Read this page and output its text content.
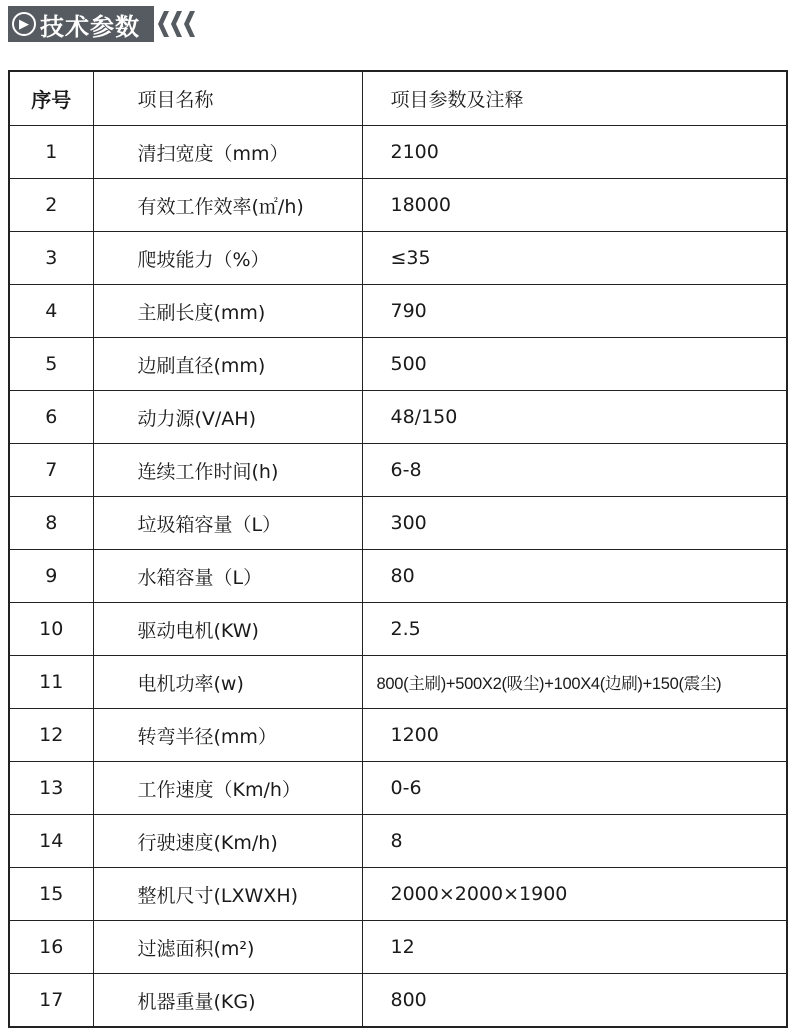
▶ 技术参数
序号	项目名称	项目参数及注释
1	清扫宽度（mm）	2100
2	有效工作效率(㎡/h)	18000
3	爬坡能力（%）	≤35
4	主刷长度(mm)	790
5	边刷直径(mm)	500
6	动力源(V/AH)	48/150
7	连续工作时间(h)	6-8
8	垃圾箱容量（L）	300
9	水箱容量（L）	80
10	驱动电机(KW)	2.5
11	电机功率(w)	800(主刷)+500X2(吸尘)+100X4(边刷)+150(震尘)
12	转弯半径(mm）	1200
13	工作速度（Km/h）	0-6
14	行驶速度(Km/h)	8
15	整机尺寸(LXWXH)	2000×2000×1900
16	过滤面积(m²)	12
17	机器重量(KG)	800
